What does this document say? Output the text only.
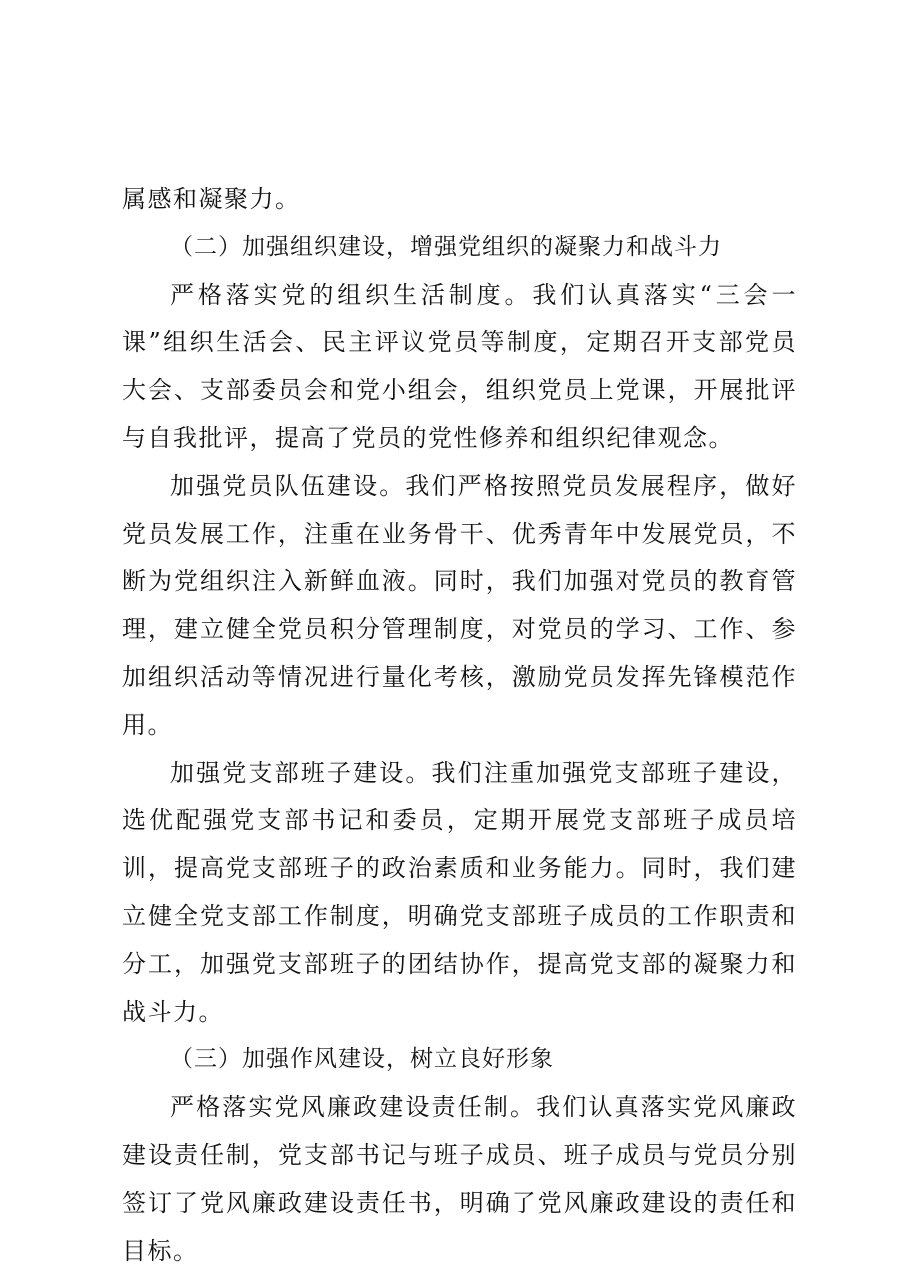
属感和凝聚力。

（二）加强组织建设，增强党组织的凝聚力和战斗力

严格落实党的组织生活制度。我们认真落实“三会一课”组织生活会、民主评议党员等制度，定期召开支部党员大会、支部委员会和党小组会，组织党员上党课，开展批评与自我批评，提高了党员的党性修养和组织纪律观念。

加强党员队伍建设。我们严格按照党员发展程序，做好党员发展工作，注重在业务骨干、优秀青年中发展党员，不断为党组织注入新鲜血液。同时，我们加强对党员的教育管理，建立健全党员积分管理制度，对党员的学习、工作、参加组织活动等情况进行量化考核，激励党员发挥先锋模范作用。

加强党支部班子建设。我们注重加强党支部班子建设，选优配强党支部书记和委员，定期开展党支部班子成员培训，提高党支部班子的政治素质和业务能力。同时，我们建立健全党支部工作制度，明确党支部班子成员的工作职责和分工，加强党支部班子的团结协作，提高党支部的凝聚力和战斗力。

（三）加强作风建设，树立良好形象

严格落实党风廉政建设责任制。我们认真落实党风廉政建设责任制，党支部书记与班子成员、班子成员与党员分别签订了党风廉政建设责任书，明确了党风廉政建设的责任和目标。
